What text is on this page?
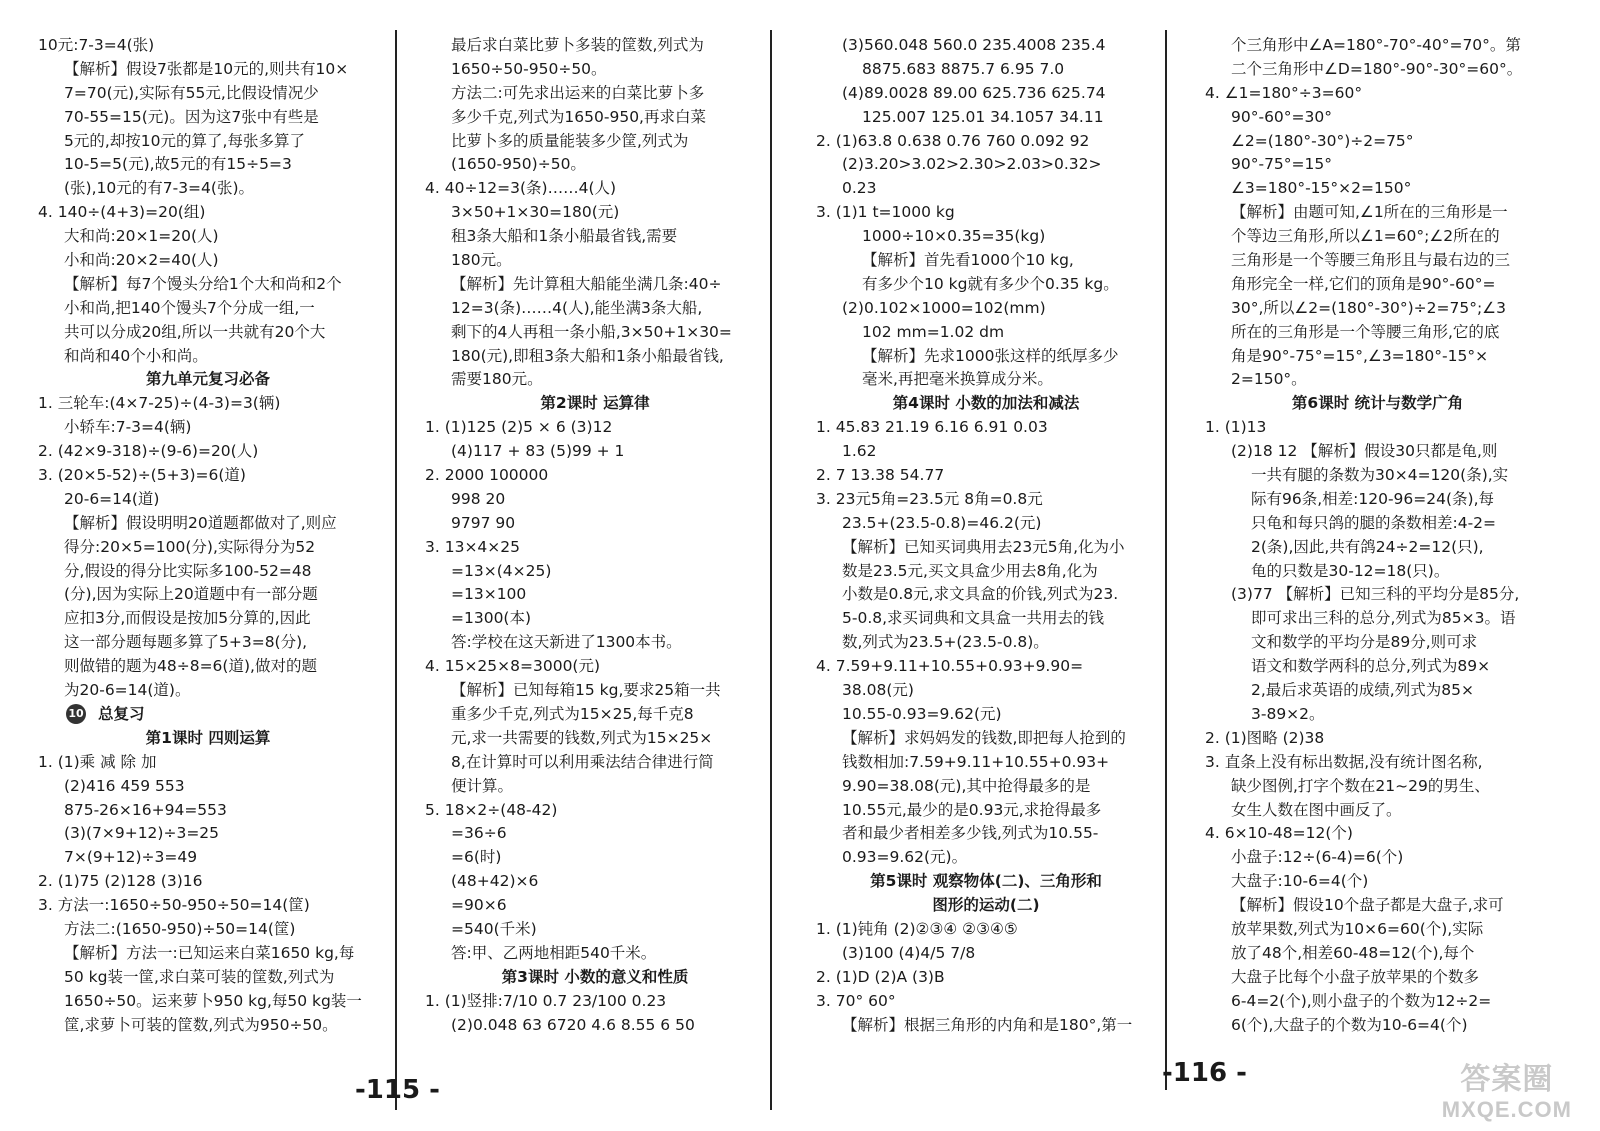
10元:7-3=4(张)
【解析】假设7张都是10元的,则共有10×
7=70(元),实际有55元,比假设情况少
70-55=15(元)。因为这7张中有些是
5元的,却按10元的算了,每张多算了
10-5=5(元),故5元的有15÷5=3
(张),10元的有7-3=4(张)。
4. 140÷(4+3)=20(组)
大和尚:20×1=20(人)
小和尚:20×2=40(人)
【解析】每7个馒头分给1个大和尚和2个
小和尚,把140个馒头7个分成一组,一
共可以分成20组,所以一共就有20个大
和尚和40个小和尚。
第九单元复习必备
1. 三轮车:(4×7-25)÷(4-3)=3(辆)
小轿车:7-3=4(辆)
2. (42×9-318)÷(9-6)=20(人)
3. (20×5-52)÷(5+3)=6(道)
20-6=14(道)
【解析】假设明明20道题都做对了,则应
得分:20×5=100(分),实际得分为52
分,假设的得分比实际多100-52=48
(分),因为实际上20道题中有一部分题
应扣3分,而假设是按加5分算的,因此
这一部分题每题多算了5+3=8(分),
则做错的题为48÷8=6(道),做对的题
为20-6=14(道)。
10 总复习
第1课时 四则运算
1. (1)乘 减 除 加
(2)416 459 553
875-26×16+94=553
(3)(7×9+12)÷3=25
7×(9+12)÷3=49
2. (1)75 (2)128 (3)16
3. 方法一:1650÷50-950÷50=14(筐)
方法二:(1650-950)÷50=14(筐)
【解析】方法一:已知运来白菜1650 kg,每
50 kg装一筐,求白菜可装的筐数,列式为
1650÷50。运来萝卜950 kg,每50 kg装一
筐,求萝卜可装的筐数,列式为950÷50。
最后求白菜比萝卜多装的筐数,列式为
1650÷50-950÷50。
方法二:可先求出运来的白菜比萝卜多
多少千克,列式为1650-950,再求白菜
比萝卜多的质量能装多少筐,列式为
(1650-950)÷50。
4. 40÷12=3(条)……4(人)
3×50+1×30=180(元)
租3条大船和1条小船最省钱,需要
180元。
【解析】先计算租大船能坐满几条:40÷
12=3(条)……4(人),能坐满3条大船,
剩下的4人再租一条小船,3×50+1×30=
180(元),即租3条大船和1条小船最省钱,
需要180元。
第2课时 运算律
1. (1)125 (2)5 × 6 (3)12
(4)117 + 83 (5)99 + 1
2. 2000 100000
998 20
9797 90
3. 13×4×25
=13×(4×25)
=13×100
=1300(本)
答:学校在这天新进了1300本书。
4. 15×25×8=3000(元)
【解析】已知每箱15 kg,要求25箱一共
重多少千克,列式为15×25,每千克8
元,求一共需要的钱数,列式为15×25×
8,在计算时可以利用乘法结合律进行简
便计算。
5. 18×2÷(48-42)
=36÷6
=6(时)
(48+42)×6
=90×6
=540(千米)
答:甲、乙两地相距540千米。
第3课时 小数的意义和性质
1. (1)竖排:7/10 0.7 23/100 0.23
(2)0.048 63 6720 4.6 8.55 6 50
-115 -
(3)560.048 560.0 235.4008 235.4
8875.683 8875.7 6.95 7.0
(4)89.0028 89.00 625.736 625.74
125.007 125.01 34.1057 34.11
2. (1)63.8 0.638 0.76 760 0.092 92
(2)3.20>3.02>2.30>2.03>0.32>
0.23
3. (1)1 t=1000 kg
1000÷10×0.35=35(kg)
【解析】首先看1000个10 kg,
有多少个10 kg就有多少个0.35 kg。
(2)0.102×1000=102(mm)
102 mm=1.02 dm
【解析】先求1000张这样的纸厚多少
毫米,再把毫米换算成分米。
第4课时 小数的加法和减法
1. 45.83 21.19 6.16 6.91 0.03
1.62
2. 7 13.38 54.77
3. 23元5角=23.5元 8角=0.8元
23.5+(23.5-0.8)=46.2(元)
【解析】已知买词典用去23元5角,化为小
数是23.5元,买文具盒少用去8角,化为
小数是0.8元,求文具盒的价钱,列式为23.
5-0.8,求买词典和文具盒一共用去的钱
数,列式为23.5+(23.5-0.8)。
4. 7.59+9.11+10.55+0.93+9.90=
38.08(元)
10.55-0.93=9.62(元)
【解析】求妈妈发的钱数,即把每人抢到的
钱数相加:7.59+9.11+10.55+0.93+
9.90=38.08(元),其中抢得最多的是
10.55元,最少的是0.93元,求抢得最多
者和最少者相差多少钱,列式为10.55-
0.93=9.62(元)。
第5课时 观察物体(二)、三角形和
图形的运动(二)
1. (1)钝角 (2)②③④ ②③④⑤
(3)100 (4)4/5 7/8
2. (1)D (2)A (3)B
3. 70° 60°
【解析】根据三角形的内角和是180°,第一
个三角形中∠A=180°-70°-40°=70°。第
二个三角形中∠D=180°-90°-30°=60°。
4. ∠1=180°÷3=60°
90°-60°=30°
∠2=(180°-30°)÷2=75°
90°-75°=15°
∠3=180°-15°×2=150°
【解析】由题可知,∠1所在的三角形是一
个等边三角形,所以∠1=60°;∠2所在的
三角形是一个等腰三角形且与最右边的三
角形完全一样,它们的顶角是90°-60°=
30°,所以∠2=(180°-30°)÷2=75°;∠3
所在的三角形是一个等腰三角形,它的底
角是90°-75°=15°,∠3=180°-15°×
2=150°。
第6课时 统计与数学广角
1. (1)13
(2)18 12 【解析】假设30只都是龟,则
一共有腿的条数为30×4=120(条),实
际有96条,相差:120-96=24(条),每
只龟和每只鸽的腿的条数相差:4-2=
2(条),因此,共有鸽24÷2=12(只),
龟的只数是30-12=18(只)。
(3)77 【解析】已知三科的平均分是85分,
即可求出三科的总分,列式为85×3。语
文和数学的平均分是89分,则可求
语文和数学两科的总分,列式为89×
2,最后求英语的成绩,列式为85×
3-89×2。
2. (1)图略 (2)38
3. 直条上没有标出数据,没有统计图名称,
缺少图例,打字个数在21~29的男生、
女生人数在图中画反了。
4. 6×10-48=12(个)
小盘子:12÷(6-4)=6(个)
大盘子:10-6=4(个)
【解析】假设10个盘子都是大盘子,求可
放苹果数,列式为10×6=60(个),实际
放了48个,相差60-48=12(个),每个
大盘子比每个小盘子放苹果的个数多
6-4=2(个),则小盘子的个数为12÷2=
6(个),大盘子的个数为10-6=4(个)
-116 -	答案圈
MXQE.COM
